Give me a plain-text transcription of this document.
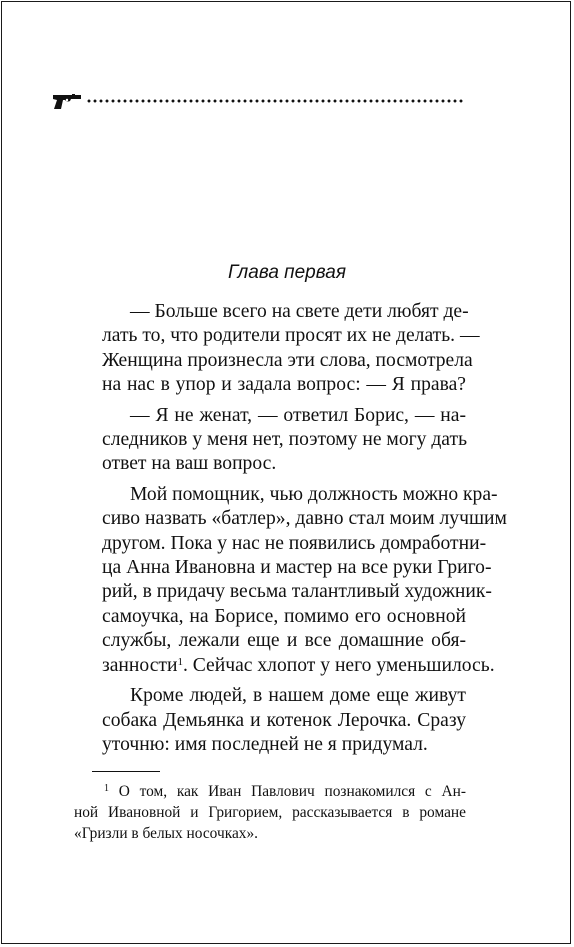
Глава первая

— Больше всего на свете дети любят де-
лать то, что родители просят их не делать. —
Женщина произнесла эти слова, посмотрела
на нас в упор и задала вопрос: — Я права?

— Я не женат, — ответил Борис, — на-
следников у меня нет, поэтому не могу дать
ответ на ваш вопрос.

Мой помощник, чью должность можно кра-
сиво назвать «батлер», давно стал моим лучшим
другом. Пока у нас не появились домработни-
ца Анна Ивановна и мастер на все руки Григо-
рий, в придачу весьма талантливый художник-
самоучка, на Борисе, помимо его основной
службы, лежали еще и все домашние обя-
занности$^1$. Сейчас хлопот у него уменьшилось.

Кроме людей, в нашем доме еще живут
собака Демьянка и котенок Лерочка. Сразу
уточню: имя последней не я придумал.

$^1$ О том, как Иван Павлович познакомился с Ан-
ной Ивановной и Григорием, рассказывается в романе
«Гризли в белых носочках».
